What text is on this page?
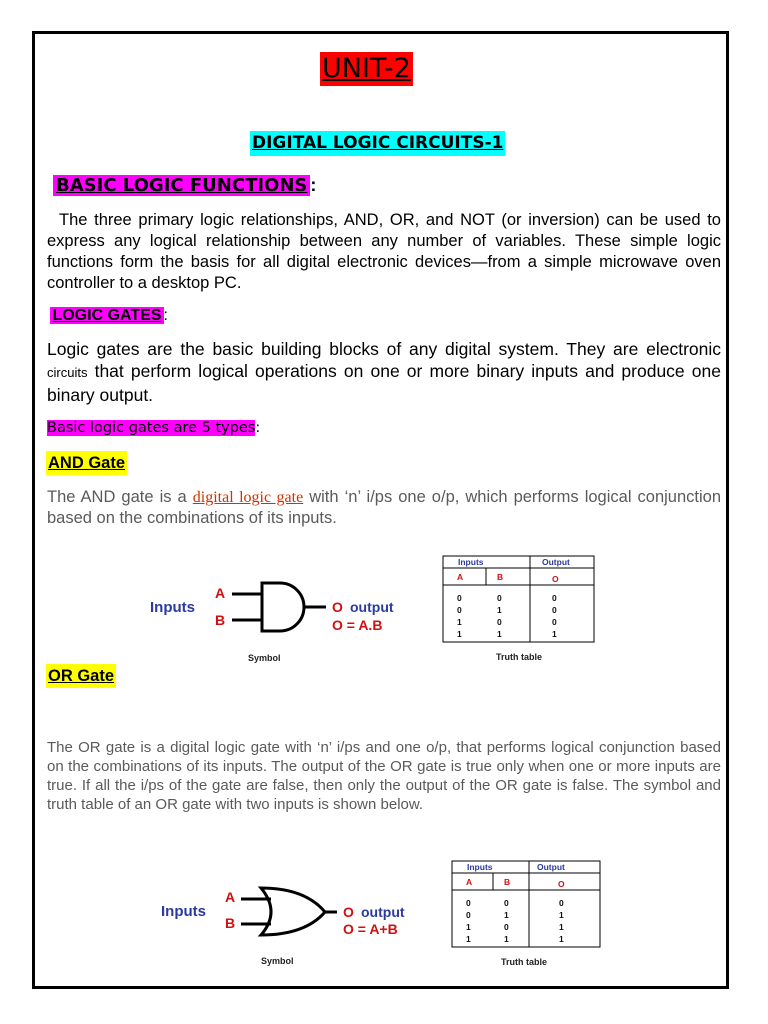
UNIT-2
DIGITAL LOGIC CIRCUITS-1
BASIC LOGIC FUNCTIONS :
The three primary logic relationships, AND, OR, and NOT (or inversion) can be used to express any logical relationship between any number of variables. These simple logic functions form the basis for all digital electronic devices—from a simple microwave oven controller to a desktop PC.
LOGIC GATES :
Logic gates are the basic building blocks of any digital system. They are electronic circuits that perform logical operations on one or more binary inputs and produce one binary output.
Basic logic gates are 5 types:
AND Gate
The AND gate is a digital logic gate with ‘n’ i/ps one o/p, which performs logical conjunction based on the combinations of its inputs.
Inputs
A
B
O output
O = A.B
Symbol
Inputs	Output
A	B	O
0	0	0
0	1	0
1	0	0
1	1	1
Truth table
OR Gate
The OR gate is a digital logic gate with ‘n’ i/ps and one o/p, that performs logical conjunction based on the combinations of its inputs. The output of the OR gate is true only when one or more inputs are true. If all the i/ps of the gate are false, then only the output of the OR gate is false. The symbol and truth table of an OR gate with two inputs is shown below.
Inputs
A
B
O output
O = A+B
Symbol
Inputs	Output
A	B	O
0	0	0
0	1	1
1	0	1
1	1	1
Truth table
